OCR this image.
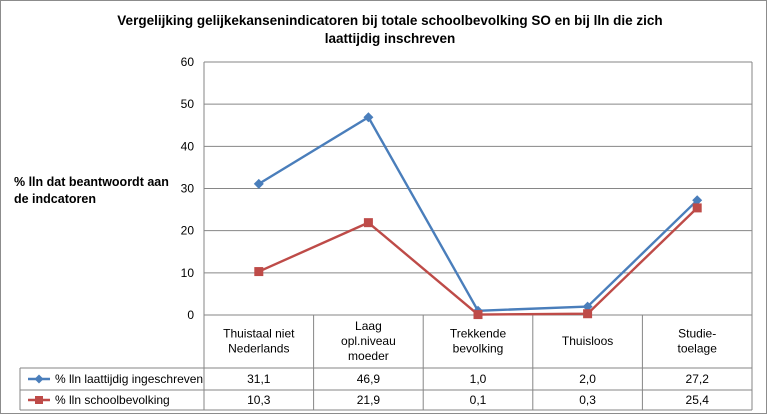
Vergelijking gelijkekansenindicatoren bij totale schoolbevolking SO en bij lln die zich laattijdig inschreven
% lln dat beantwoordt aan de indcatoren
0
10
20
30
40
50
60
Thuistaal niet
Nederlands
Laag
opl.niveau
moeder
Trekkende
bevolking
Thuisloos
Studie-
toelage
% lln laattijdig ingeschreven	31,1	46,9	1,0	2,0	27,2
% lln schoolbevolking	10,3	21,9	0,1	0,3	25,4
